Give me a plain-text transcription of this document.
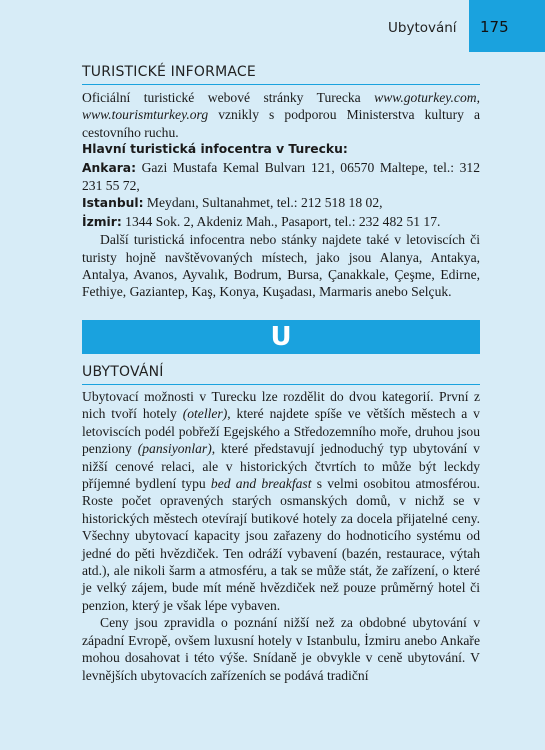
Ubytování 175
TURISTICKÉ INFORMACE

Oficiální turistické webové stránky Turecka www.goturkey.com, www.tourismturkey.org vznikly s podporou Ministerstva kultury a cestovního ruchu.

Hlavní turistická infocentra v Turecku:

Ankara: Gazi Mustafa Kemal Bulvarı 121, 06570 Maltepe, tel.: 312 231 55 72,

Istanbul: Meydanı, Sultanahmet, tel.: 212 518 18 02,

İzmir: 1344 Sok. 2, Akdeniz Mah., Pasaport, tel.: 232 482 51 17.

Další turistická infocentra nebo stánky najdete také v letoviscích či turisty hojně navštěvovaných místech, jako jsou Alanya, Antakya, Antalya, Avanos, Ayvalık, Bodrum, Bursa, Çanakkale, Çeşme, Edirne, Fethiye, Gaziantep, Kaş, Konya, Kuşadası, Marmaris anebo Selçuk.

U
UBYTOVÁNÍ

Ubytovací možnosti v Turecku lze rozdělit do dvou kategorií. První z nich tvoří hotely (oteller), které najdete spíše ve větších městech a v letoviscích podél pobřeží Egejského a Středozemního moře, druhou jsou penziony (pansiyonlar), které představují jednoduchý typ ubytování v nižší cenové relaci, ale v historických čtvrtích to může být leckdy příjemné bydlení typu bed and breakfast s velmi osobitou atmosférou. Roste počet opravených starých osmanských domů, v nichž se v historických městech otevírají butikové hotely za docela přijatelné ceny. Všechny ubytovací kapacity jsou zařazeny do hodnoticího systému od jedné do pěti hvězdiček. Ten odráží vybavení (bazén, restaurace, výtah atd.), ale nikoli šarm a atmosféru, a tak se může stát, že zařízení, o které je velký zájem, bude mít méně hvězdiček než pouze průměrný hotel či penzion, který je však lépe vybaven.

Ceny jsou zpravidla o poznání nižší než za obdobné ubytování v západní Evropě, ovšem luxusní hotely v Istanbulu, İzmiru anebo Ankaře mohou dosahovat i této výše. Snídaně je obvykle v ceně ubytování. V levnějších ubytovacích zařízeních se podává tradiční
